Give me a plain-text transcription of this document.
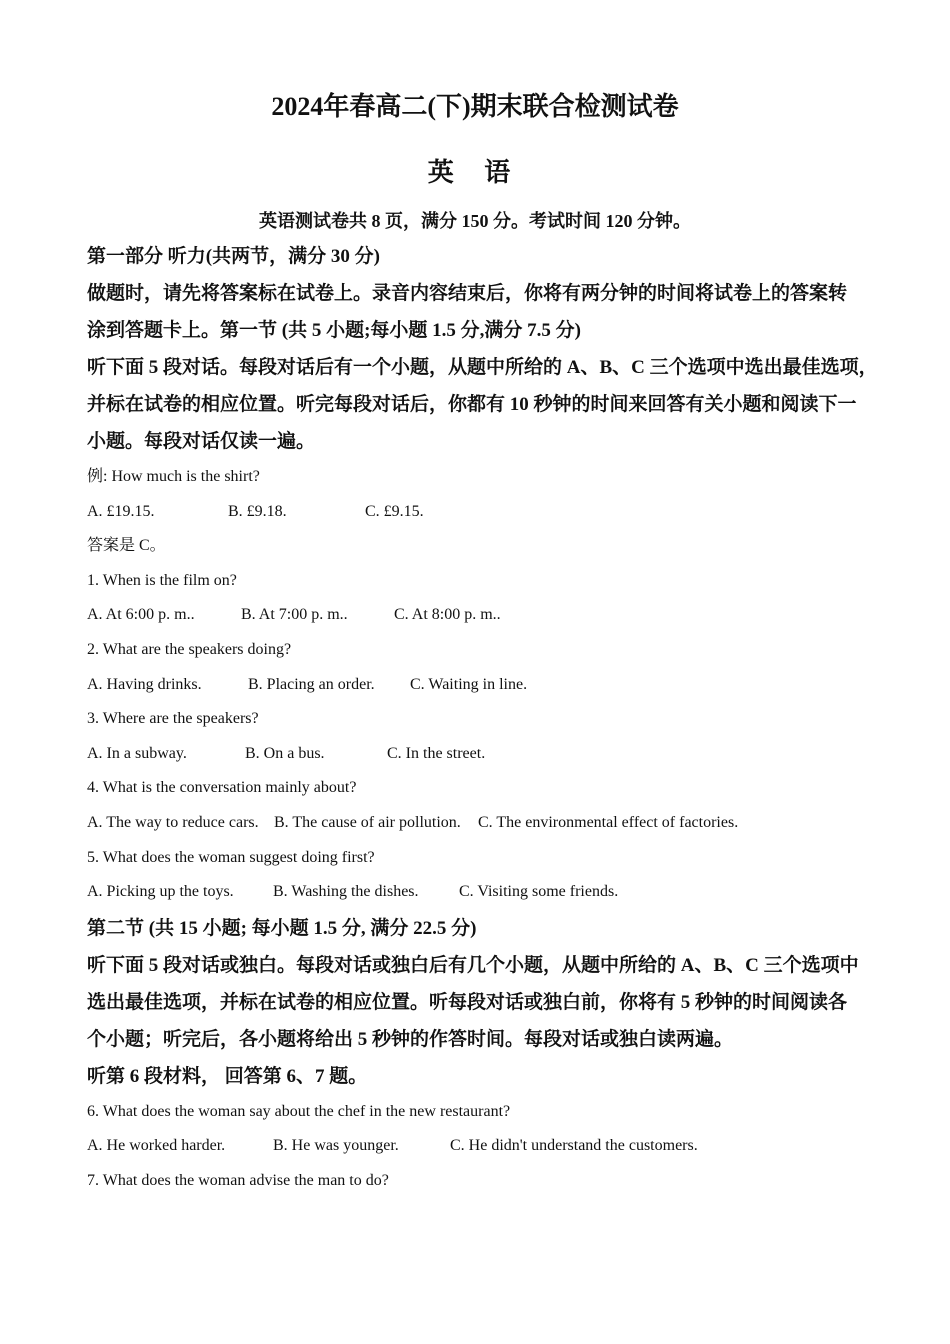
2024年春高二(下)期末联合检测试卷
英 语
英语测试卷共 8 页，满分 150 分。考试时间 120 分钟。
第一部分 听力(共两节，满分 30 分)
做题时，请先将答案标在试卷上。录音内容结束后，你将有两分钟的时间将试卷上的答案转
涂到答题卡上。第一节 (共 5 小题;每小题 1.5 分,满分 7.5 分)
听下面 5 段对话。每段对话后有一个小题，从题中所给的 A、B、C 三个选项中选出最佳选项，
并标在试卷的相应位置。听完每段对话后，你都有 10 秒钟的时间来回答有关小题和阅读下一
小题。每段对话仅读一遍。
例: How much is the shirt?
A. £19.15.	B. £9.18.	C. £9.15.
答案是 C。
1. When is the film on?
A. At 6:00 p. m..	B. At 7:00 p. m..	C. At 8:00 p. m..
2. What are the speakers doing?
A. Having drinks.	B. Placing an order. C. Waiting in line.
3. Where are the speakers?
A. In a subway.	B. On a bus.	C. In the street.
4. What is the conversation mainly about?
A. The way to reduce cars. B. The cause of air pollution. C. The environmental effect of factories.
5. What does the woman suggest doing first?
A. Picking up the toys. B. Washing the dishes.	C. Visiting some friends.
第二节 (共 15 小题; 每小题 1.5 分, 满分 22.5 分)
听下面 5 段对话或独白。每段对话或独白后有几个小题，从题中所给的 A、B、C 三个选项中
选出最佳选项，并标在试卷的相应位置。听每段对话或独白前，你将有 5 秒钟的时间阅读各
个小题；听完后，各小题将给出 5 秒钟的作答时间。每段对话或独白读两遍。
听第 6 段材料， 回答第 6、7 题。
6. What does the woman say about the chef in the new restaurant?
A. He worked harder.	B. He was younger.	C. He didn't understand the customers.
7. What does the woman advise the man to do?
